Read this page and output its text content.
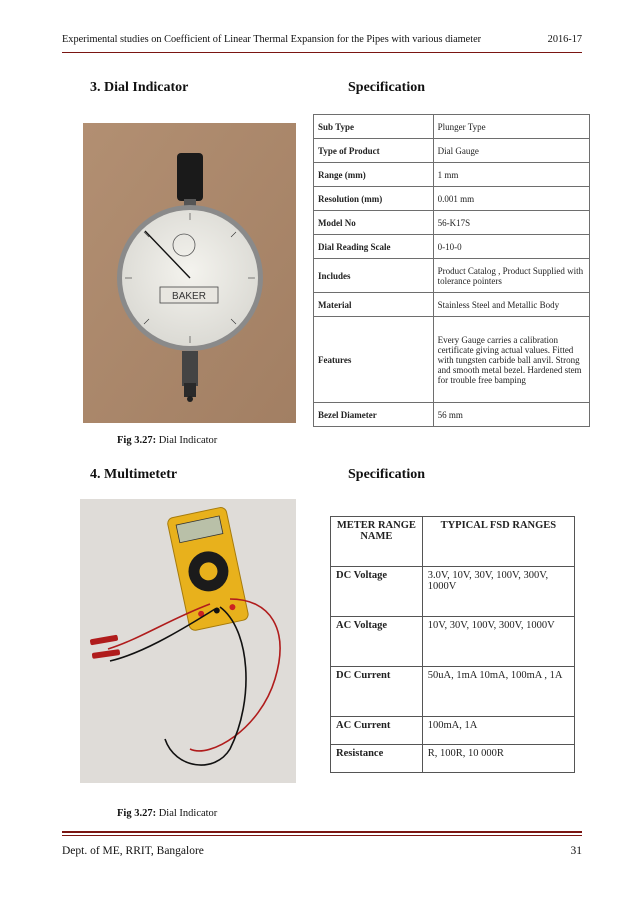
Experimental studies on Coefficient of Linear Thermal Expansion for the Pipes with various diameter	2016-17
3. Dial Indicator	Specification
BAKER
Sub Type	Plunger Type
Type of Product	Dial Gauge
Range (mm)	1 mm
Resolution (mm)	0.001 mm
Model No	56-K17S
Dial Reading Scale	0-10-0
Includes	Product Catalog , Product Supplied with tolerance pointers
Material	Stainless Steel and Metallic Body
Features	Every Gauge carries a calibration certificate giving actual values. Fitted with tungsten carbide ball anvil. Strong and smooth metal bezel. Hardened stem for trouble free bamping
Bezel Diameter	56 mm
Fig 3.27: Dial Indicator
4. Multimetetr	Specification
METER RANGE NAME	TYPICAL FSD RANGES
DC Voltage	3.0V, 10V, 30V, 100V, 300V, 1000V
AC Voltage	10V, 30V, 100V, 300V, 1000V
DC Current	50uA, 1mA 10mA, 100mA , 1A
AC Current	100mA, 1A
Resistance	R, 100R, 10 000R
Fig 3.27: Dial Indicator
Dept. of ME, RRIT, Bangalore	31
